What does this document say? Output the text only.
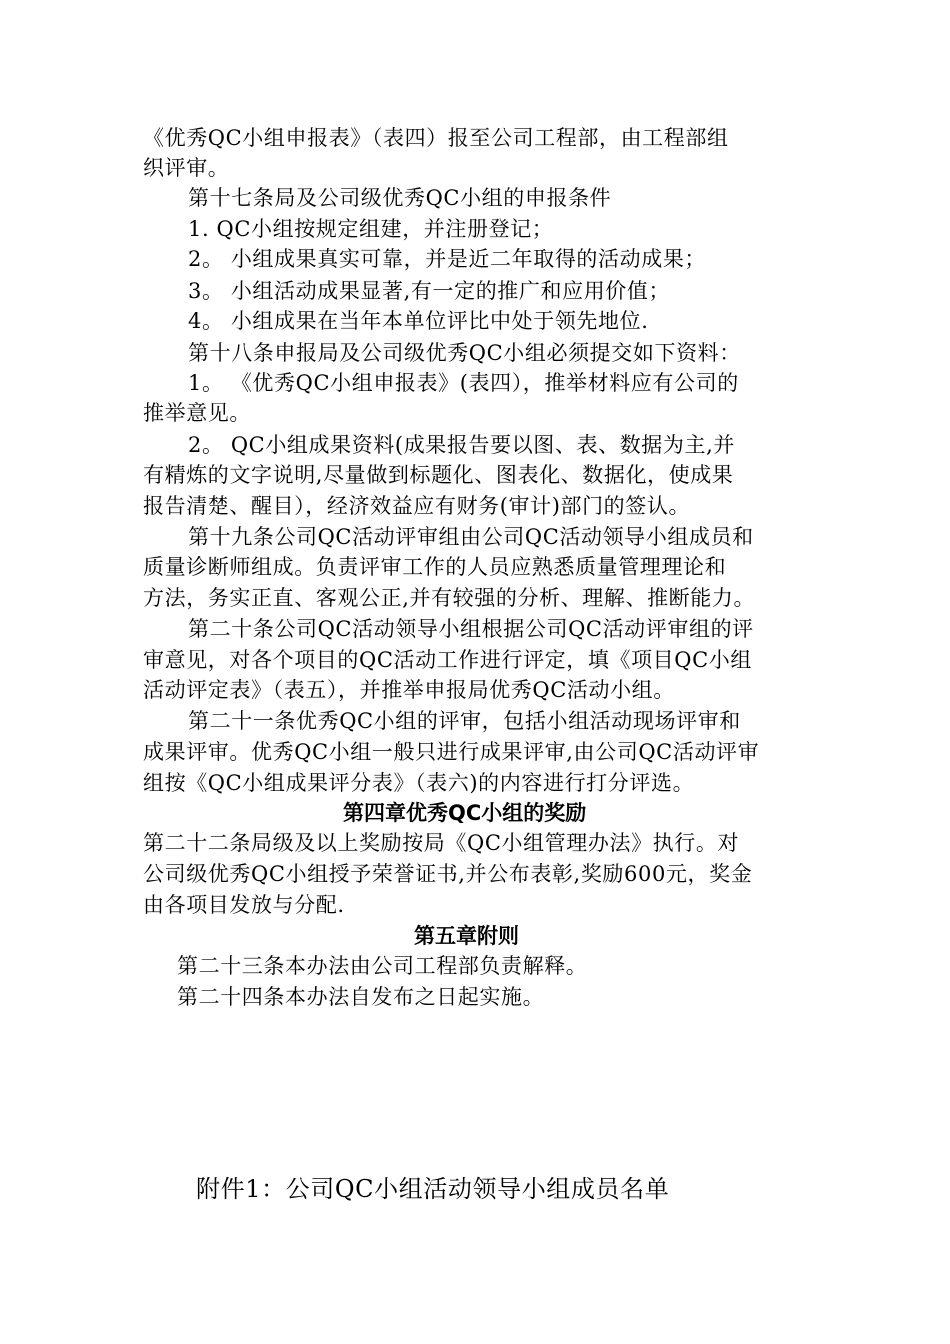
《优秀QC小组申报表》（表四）报至公司工程部，由工程部组
织评审。
第十七条局及公司级优秀QC小组的申报条件
1. QC小组按规定组建，并注册登记；
2。 小组成果真实可靠，并是近二年取得的活动成果；
3。 小组活动成果显著,有一定的推广和应用价值；
4。 小组成果在当年本单位评比中处于领先地位.
第十八条申报局及公司级优秀QC小组必须提交如下资料：
1。 《优秀QC小组申报表》(表四），推举材料应有公司的
推举意见。
2。 QC小组成果资料(成果报告要以图、表、数据为主,并
有精炼的文字说明,尽量做到标题化、图表化、数据化，使成果
报告清楚、醒目），经济效益应有财务(审计)部门的签认。
第十九条公司QC活动评审组由公司QC活动领导小组成员和
质量诊断师组成。负责评审工作的人员应熟悉质量管理理论和
方法，务实正直、客观公正,并有较强的分析、理解、推断能力。
第二十条公司QC活动领导小组根据公司QC活动评审组的评
审意见，对各个项目的QC活动工作进行评定，填《项目QC小组
活动评定表》（表五），并推举申报局优秀QC活动小组。
第二十一条优秀QC小组的评审，包括小组活动现场评审和
成果评审。优秀QC小组一般只进行成果评审,由公司QC活动评审
组按《QC小组成果评分表》（表六)的内容进行打分评选。
第四章优秀QC小组的奖励
第二十二条局级及以上奖励按局《QC小组管理办法》执行。对
公司级优秀QC小组授予荣誉证书,并公布表彰,奖励600元，奖金
由各项目发放与分配.
第五章附则
第二十三条本办法由公司工程部负责解释。
第二十四条本办法自发布之日起实施。
附件1：公司QC小组活动领导小组成员名单
